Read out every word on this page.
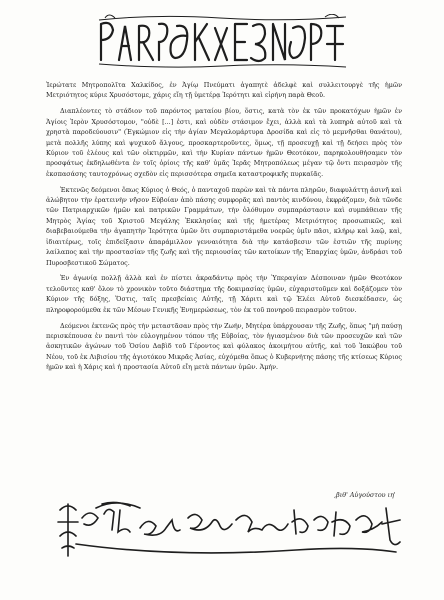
Ἱερώτατε Μητροπολῖτα Χαλκίδος, ἐν Ἁγίῳ Πνεύματι ἀγαπητὲ ἀδελφὲ καὶ συλλειτουργὲ τῆς ἡμῶν Μετριότητος κύριε Χρυσόστομε, χάρις εἴη τῇ ὑμετέρᾳ Ἱερότητι καὶ εἰρήνη παρὰ Θεοῦ.

Διαπλέοντες τὸ στάδιον τοῦ παρόντος ματαίου βίου, ὅστις, κατὰ τὸν ἐκ τῶν προκατόχων ἡμῶν ἐν Ἁγίοις Ἱερὸν Χρυσόστομον, "οὐδὲ [...] ἐστι, καὶ οὐδὲν στάσιμον ἔχει, ἀλλὰ καὶ τὰ λυπηρὰ αὐτοῦ καὶ τὰ χρηστὰ παροδεύουσιν" (Ἐγκώμιον εἰς τὴν ἁγίαν Μεγαλομάρτυρα Δροσίδα καὶ εἰς τὸ μεμνῆσθαι θανάτου), μετὰ πολλῆς λύπης καὶ ψυχικοῦ ἄλγους, προσκαρτεροῦντες, ὅμως, τῇ προσευχῇ καὶ τῇ δεήσει πρὸς τὸν Κύριον τοῦ ἐλέους καὶ τῶν οἰκτιρμῶν, καὶ τὴν Κυρίαν πάντων ἡμῶν Θεοτόκον, παρηκολουθήσαμεν τὸν προσφάτως ἐκδηλωθέντα ἐν τοῖς ὁρίοις τῆς καθ' ὑμᾶς Ἱερᾶς Μητροπόλεως μέγαν τῷ ὄντι πειρασμὸν τῆς ἐκσπασάσης ταυτοχρόνως σχεδὸν εἰς περισσότερα σημεῖα καταστροφικῆς πυρκαϊᾶς.

Ἐκτενῶς δεόμενοι ὅπως Κύριος ὁ Θεός, ὁ πανταχοῦ παρὼν καὶ τὰ πάντα πληρῶν, διαφυλάττῃ ἀσινῆ καὶ ἀλώβητον τὴν ἐρατεινὴν νῆσον Εὐβοίαν ἀπὸ πάσης συμφορᾶς καὶ παντὸς κινδύνου, ἐκφράζομεν, διὰ τῶνδε τῶν Πατριαρχικῶν ἡμῶν καὶ πατρικῶν Γραμμάτων, τὴν ὁλόθυμον συμπαράστασιν καὶ συμπάθειαν τῆς Μητρὸς Ἁγίας τοῦ Χριστοῦ Μεγάλης Ἐκκλησίας καὶ τῆς ἡμετέρας Μετριότητος προσωπικῶς, καὶ διαβεβαιούμεθα τὴν ἀγαπητὴν Ἱερότητα ὑμῶν ὅτι συμπαριστάμεθα νοερῶς ὑμῖν πᾶσι, κλήρῳ καὶ λαῷ, καὶ, ἰδιαιτέρως, τοῖς ἐπιδείξασιν ἀπαράμιλλον γενναιότητα διὰ τὴν κατάσβεσιν τῶν ἑστιῶν τῆς πυρίνης λαίλαπος καὶ τὴν προστασίαν τῆς ζωῆς καὶ τῆς περιουσίας τῶν κατοίκων τῆς Ἐπαρχίας ὑμῶν, ἀνδράσι τοῦ Πυροσβεστικοῦ Σώματος.

Ἐν ἀγωνίᾳ πολλῇ ἀλλὰ καὶ ἐν πίστει ἀκραδάντῳ πρὸς τὴν Ὑπεραγίαν Δέσποιναν ἡμῶν Θεοτόκον τελοῦντες καθ' ὅλον τὸ χρονικὸν τοῦτο διάστημα τῆς δοκιμασίας ὑμῶν, εὐχαριστοῦμεν καὶ δοξάζομεν τὸν Κύριον τῆς δόξης, Ὅστις, ταῖς πρεσβείαις Αὐτῆς, τῇ Χάριτι καὶ τῷ Ἐλέει Αὐτοῦ διεσκέδασεν, ὡς πληροφορούμεθα ἐκ τῶν Μέσων Γενικῆς Ἐνημερώσεως, τὸν ἐκ τοῦ πονηροῦ πειρασμὸν τοῦτον.

Δεόμενοι ἐκτενῶς πρὸς τὴν μεταστᾶσαν πρὸς τὴν Ζωήν, Μητέρα ὑπάρχουσαν τῆς Ζωῆς, ὅπως "μὴ παύσῃ περισκέπουσα ἐν παντὶ τὸν εὐλογημένον τόπον τῆς Εὐβοίας, τὸν ἡγιασμένον διὰ τῶν προσευχῶν καὶ τῶν ἀσκητικῶν ἀγώνων τοῦ Ὁσίου Δαβὶδ τοῦ Γέροντος καὶ φύλακος ἀκοιμήτου αὐτῆς, καὶ τοῦ Ἰακώβου τοῦ Νέου, τοῦ ἐκ Λιβισίου τῆς ἁγιοτόκου Μικρᾶς Ἀσίας, εὐχόμεθα ὅπως ὁ Κυβερνήτης πάσης τῆς κτίσεως Κύριος ἡμῶν καὶ ἡ Χάρις καὶ ἡ προστασία Αὐτοῦ εἴη μετὰ πάντων ὑμῶν. Ἀμήν.

,βιθ' Αὐγούστου ιη'
